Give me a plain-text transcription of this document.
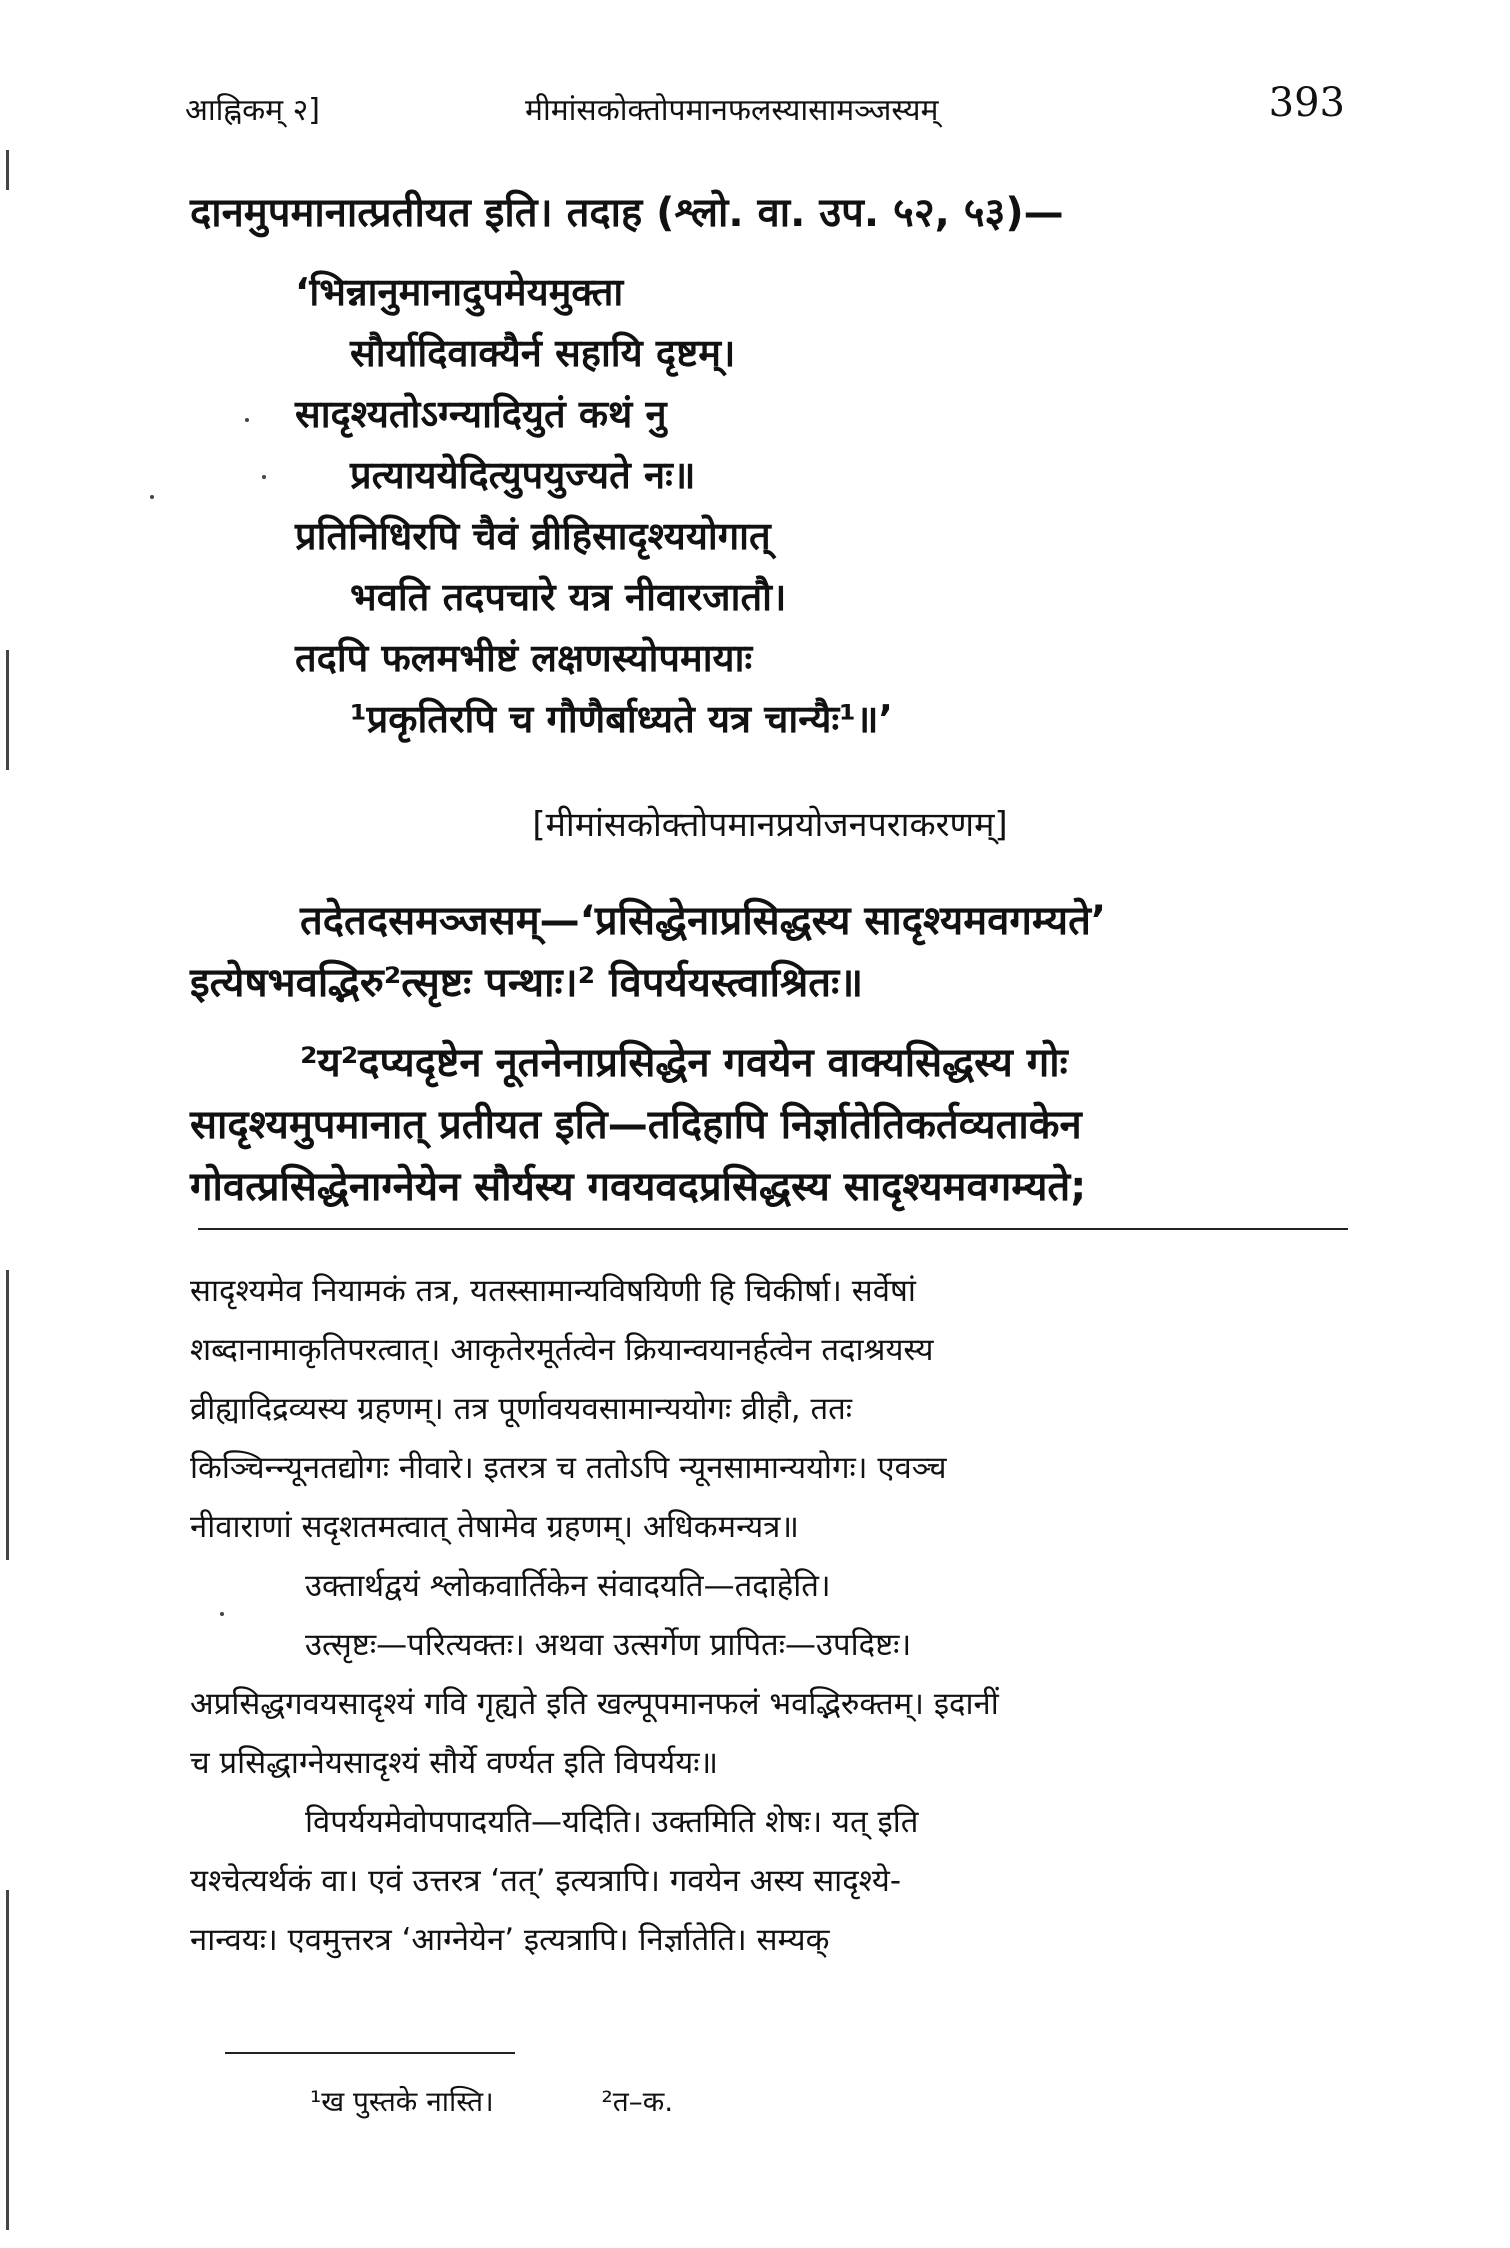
आह्निकम् २]	मीमांसकोक्तोपमानफलस्यासामञ्जस्यम्	393
दानमुपमानात्प्रतीयत इति। तदाह (श्लो. वा. उप. ५२, ५३)—
‘भिन्नानुमानादुपमेयमुक्ता
सौर्यादिवाक्यैर्न सहायि दृष्टम्।
सादृश्यतोऽग्न्यादियुतं कथं नु
प्रत्याययेदित्युपयुज्यते नः॥
प्रतिनिधिरपि चैवं व्रीहिसादृश्ययोगात्
भवति तदपचारे यत्र नीवारजातौ।
तदपि फलमभीष्टं लक्षणस्योपमायाः
¹प्रकृतिरपि च गौणैर्बाध्यते यत्र चान्यैः¹॥’
[मीमांसकोक्तोपमानप्रयोजनपराकरणम्]
तदेतदसमञ्जसम्—‘प्रसिद्धेनाप्रसिद्धस्य सादृश्यमवगम्यते’
इत्येषभवद्भिरु²त्सृष्टः पन्थाः।² विपर्ययस्त्वाश्रितः॥
²य²दप्यदृष्टेन नूतनेनाप्रसिद्धेन गवयेन वाक्यसिद्धस्य गोः
सादृश्यमुपमानात् प्रतीयत इति—तदिहापि निर्ज्ञातेतिकर्तव्यताकेन
गोवत्प्रसिद्धेनाग्नेयेन सौर्यस्य गवयवदप्रसिद्धस्य सादृश्यमवगम्यते;
सादृश्यमेव नियामकं तत्र, यतस्सामान्यविषयिणी हि चिकीर्षा। सर्वेषां
शब्दानामाकृतिपरत्वात्। आकृतेरमूर्तत्वेन क्रियान्वयानर्हत्वेन तदाश्रयस्य
व्रीह्यादिद्रव्यस्य ग्रहणम्। तत्र पूर्णावयवसामान्ययोगः व्रीहौ, ततः
किञ्चिन्न्यूनतद्योगः नीवारे। इतरत्र च ततोऽपि न्यूनसामान्ययोगः। एवञ्च
नीवाराणां सदृशतमत्वात् तेषामेव ग्रहणम्। अधिकमन्यत्र॥
उक्तार्थद्वयं श्लोकवार्तिकेन संवादयति—तदाहेति।
उत्सृष्टः—परित्यक्तः। अथवा उत्सर्गेण प्रापितः—उपदिष्टः।
अप्रसिद्धगवयसादृश्यं गवि गृह्यते इति खल्पूपमानफलं भवद्भिरुक्तम्। इदानीं
च प्रसिद्धाग्नेयसादृश्यं सौर्ये वर्ण्यत इति विपर्ययः॥
विपर्ययमेवोपपादयति—यदिति। उक्तमिति शेषः। यत् इति
यश्चेत्यर्थकं वा। एवं उत्तरत्र ‘तत्’ इत्यत्रापि। गवयेन अस्य सादृश्ये-
नान्वयः। एवमुत्तरत्र ‘आग्नेयेन’ इत्यत्रापि। निर्ज्ञातेति। सम्यक्
¹ख पुस्तके नास्ति।	²त–क.
